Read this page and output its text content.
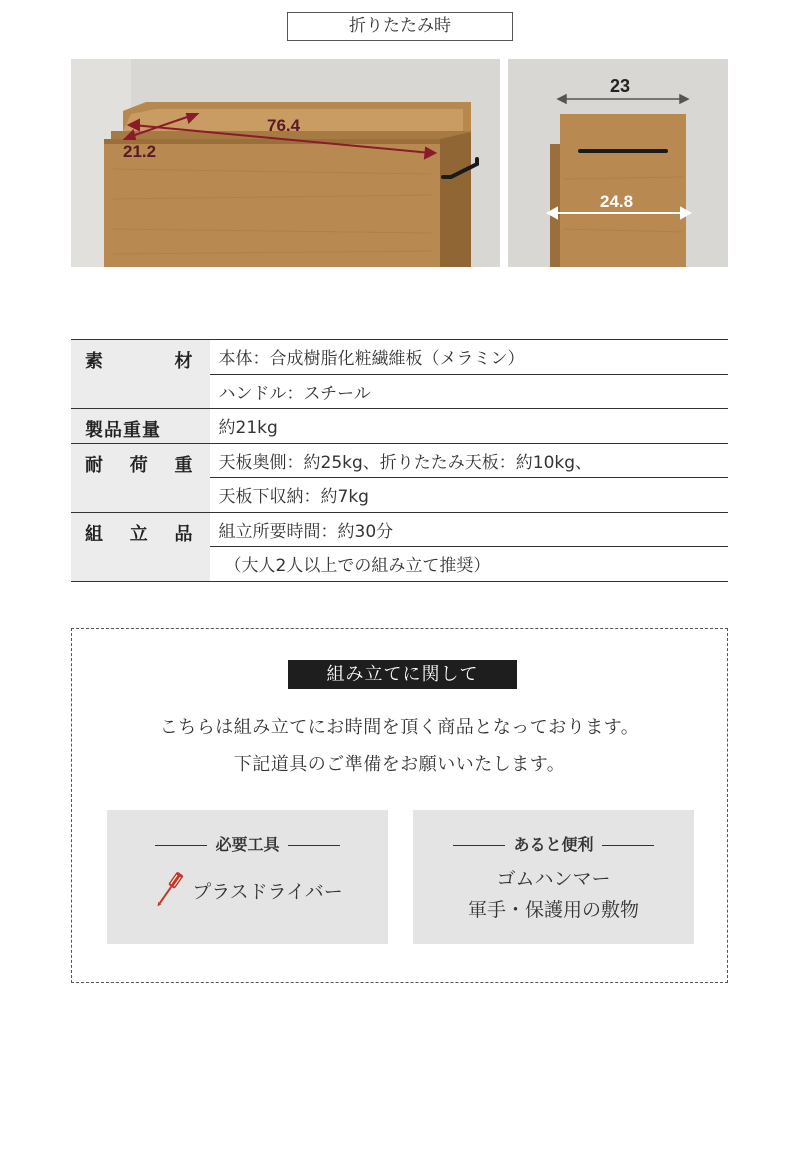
折りたたみ時
76.4
21.2
23
24.8
素 材	本体：合成樹脂化粧繊維板（メラミン）
	ハンドル：スチール

製品重量	約21kg

耐 荷 重	天板奥側：約25kg、折りたたみ天板：約10kg、
	天板下収納：約7kg

組 立 品	組立所要時間：約30分
	（大人2人以上での組み立て推奨）
組み立てに関して
こちらは組み立てにお時間を頂く商品となっております。
下記道具のご準備をお願いいたします。
必要工具
プラスドライバー
あると便利
ゴムハンマー
軍手・保護用の敷物
